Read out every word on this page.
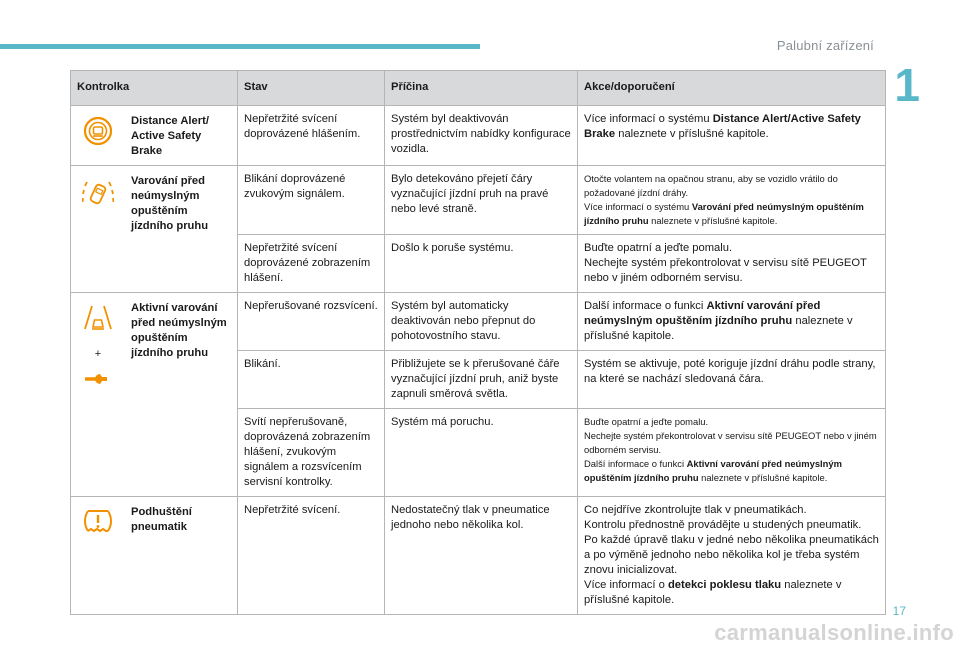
Palubní zařízení
1
Kontrolka		Stav	Příčina	Akce/doporučení

	Distance Alert/ Active Safety Brake	Nepřetržité svícení doprovázené hlášením.	Systém byl deaktivován prostřednictvím nabídky konfigurace vozidla.	Více informací o systému Distance Alert/Active Safety Brake naleznete v příslušné kapitole.

	Varování před neúmyslným opuštěním jízdního pruhu	Blikání doprovázené zvukovým signálem.	Bylo detekováno přejetí čáry vyznačující jízdní pruh na pravé nebo levé straně.	Otočte volantem na opačnou stranu, aby se vozidlo vrátilo do požadované jízdní dráhy.
Více informací o systému Varování před neúmyslným opuštěním jízdního pruhu naleznete v příslušné kapitole.
		Nepřetržité svícení doprovázené zobrazením hlášení.	Došlo k poruše systému.	Buďte opatrní a jeďte pomalu.
Nechejte systém překontrolovat v servisu sítě PEUGEOT nebo v jiném odborném servisu.

+	Aktivní varování před neúmyslným opuštěním jízdního pruhu	Nepřerušované rozsvícení.	Systém byl automaticky deaktivován nebo přepnut do pohotovostního stavu.	Další informace o funkci Aktivní varování před neúmyslným opuštěním jízdního pruhu naleznete v příslušné kapitole.
		Blikání.	Přibližujete se k přerušované čáře vyznačující jízdní pruh, aniž byste zapnuli směrová světla.	Systém se aktivuje, poté koriguje jízdní dráhu podle strany, na které se nachází sledovaná čára.
		Svítí nepřerušovaně, doprovázená zobrazením hlášení, zvukovým signálem a rozsvícením servisní kontrolky.	Systém má poruchu.	Buďte opatrní a jeďte pomalu.
Nechejte systém překontrolovat v servisu sítě PEUGEOT nebo v jiném odborném servisu.
Další informace o funkci Aktivní varování před neúmyslným opuštěním jízdního pruhu naleznete v příslušné kapitole.

	Podhuštění pneumatik	Nepřetržité svícení.	Nedostatečný tlak v pneumatice jednoho nebo několika kol.	Co nejdříve zkontrolujte tlak v pneumatikách.
Kontrolu přednostně provádějte u studených pneumatik.
Po každé úpravě tlaku v jedné nebo několika pneumatikách a po výměně jednoho nebo několika kol je třeba systém znovu inicializovat.
Více informací o detekci poklesu tlaku naleznete v příslušné kapitole.
17
carmanualsonline.info
